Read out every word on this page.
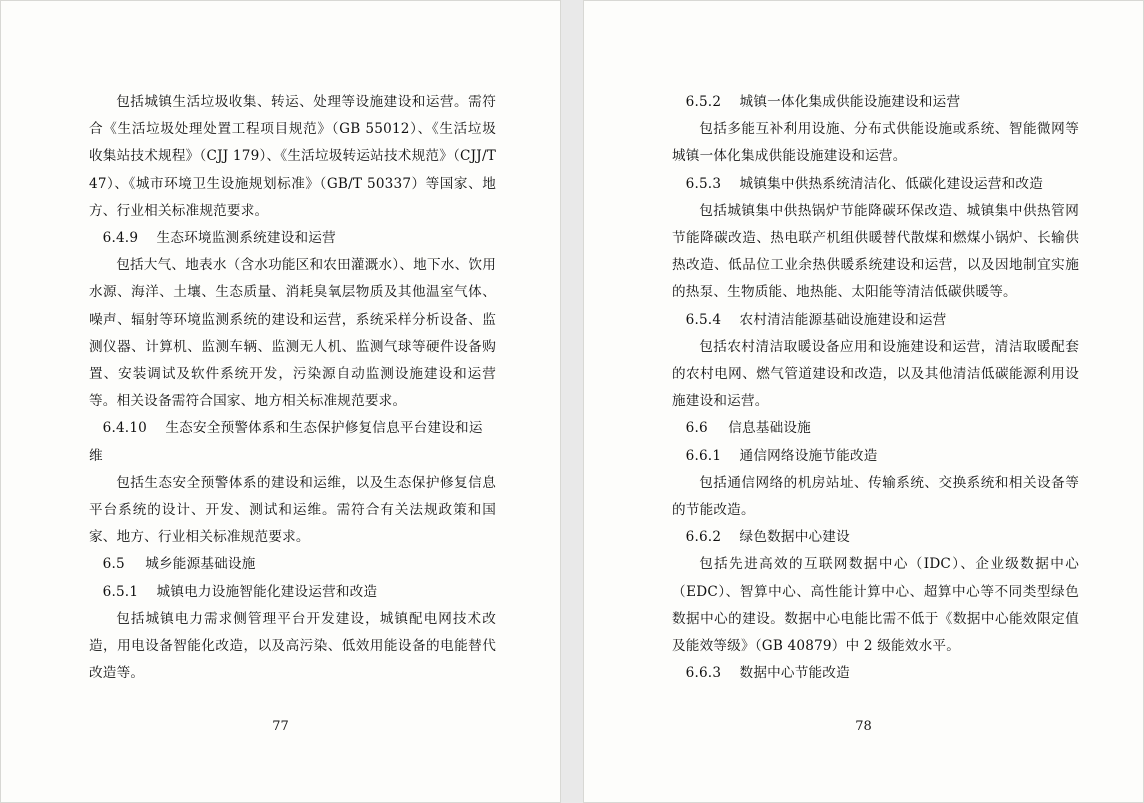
包括城镇生活垃圾收集、转运、处理等设施建设和运营。需符合《生活垃圾处理处置工程项目规范》（GB 55012）、《生活垃圾收集站技术规程》（CJJ 179）、《生活垃圾转运站技术规范》（CJJ/T 47）、《城市环境卫生设施规划标准》（GB/T 50337）等国家、地方、行业相关标准规范要求。

6.4.9 生态环境监测系统建设和运营

包括大气、地表水（含水功能区和农田灌溉水）、地下水、饮用水源、海洋、土壤、生态质量、消耗臭氧层物质及其他温室气体、噪声、辐射等环境监测系统的建设和运营，系统采样分析设备、监测仪器、计算机、监测车辆、监测无人机、监测气球等硬件设备购置、安装调试及软件系统开发，污染源自动监测设施建设和运营等。相关设备需符合国家、地方相关标准规范要求。

6.4.10 生态安全预警体系和生态保护修复信息平台建设和运维

包括生态安全预警体系的建设和运维，以及生态保护修复信息平台系统的设计、开发、测试和运维。需符合有关法规政策和国家、地方、行业相关标准规范要求。

6.5 城乡能源基础设施

6.5.1 城镇电力设施智能化建设运营和改造

包括城镇电力需求侧管理平台开发建设，城镇配电网技术改造，用电设备智能化改造，以及高污染、低效用能设备的电能替代改造等。

77

6.5.2 城镇一体化集成供能设施建设和运营

包括多能互补利用设施、分布式供能设施或系统、智能微网等城镇一体化集成供能设施建设和运营。

6.5.3 城镇集中供热系统清洁化、低碳化建设运营和改造

包括城镇集中供热锅炉节能降碳环保改造、城镇集中供热管网节能降碳改造、热电联产机组供暖替代散煤和燃煤小锅炉、长输供热改造、低品位工业余热供暖系统建设和运营，以及因地制宜实施的热泵、生物质能、地热能、太阳能等清洁低碳供暖等。

6.5.4 农村清洁能源基础设施建设和运营

包括农村清洁取暖设备应用和设施建设和运营，清洁取暖配套的农村电网、燃气管道建设和改造，以及其他清洁低碳能源利用设施建设和运营。

6.6 信息基础设施

6.6.1 通信网络设施节能改造

包括通信网络的机房站址、传输系统、交换系统和相关设备等的节能改造。

6.6.2 绿色数据中心建设

包括先进高效的互联网数据中心（IDC）、企业级数据中心（EDC）、智算中心、高性能计算中心、超算中心等不同类型绿色数据中心的建设。数据中心电能比需不低于《数据中心能效限定值及能效等级》（GB 40879）中 2 级能效水平。

6.6.3 数据中心节能改造

78
